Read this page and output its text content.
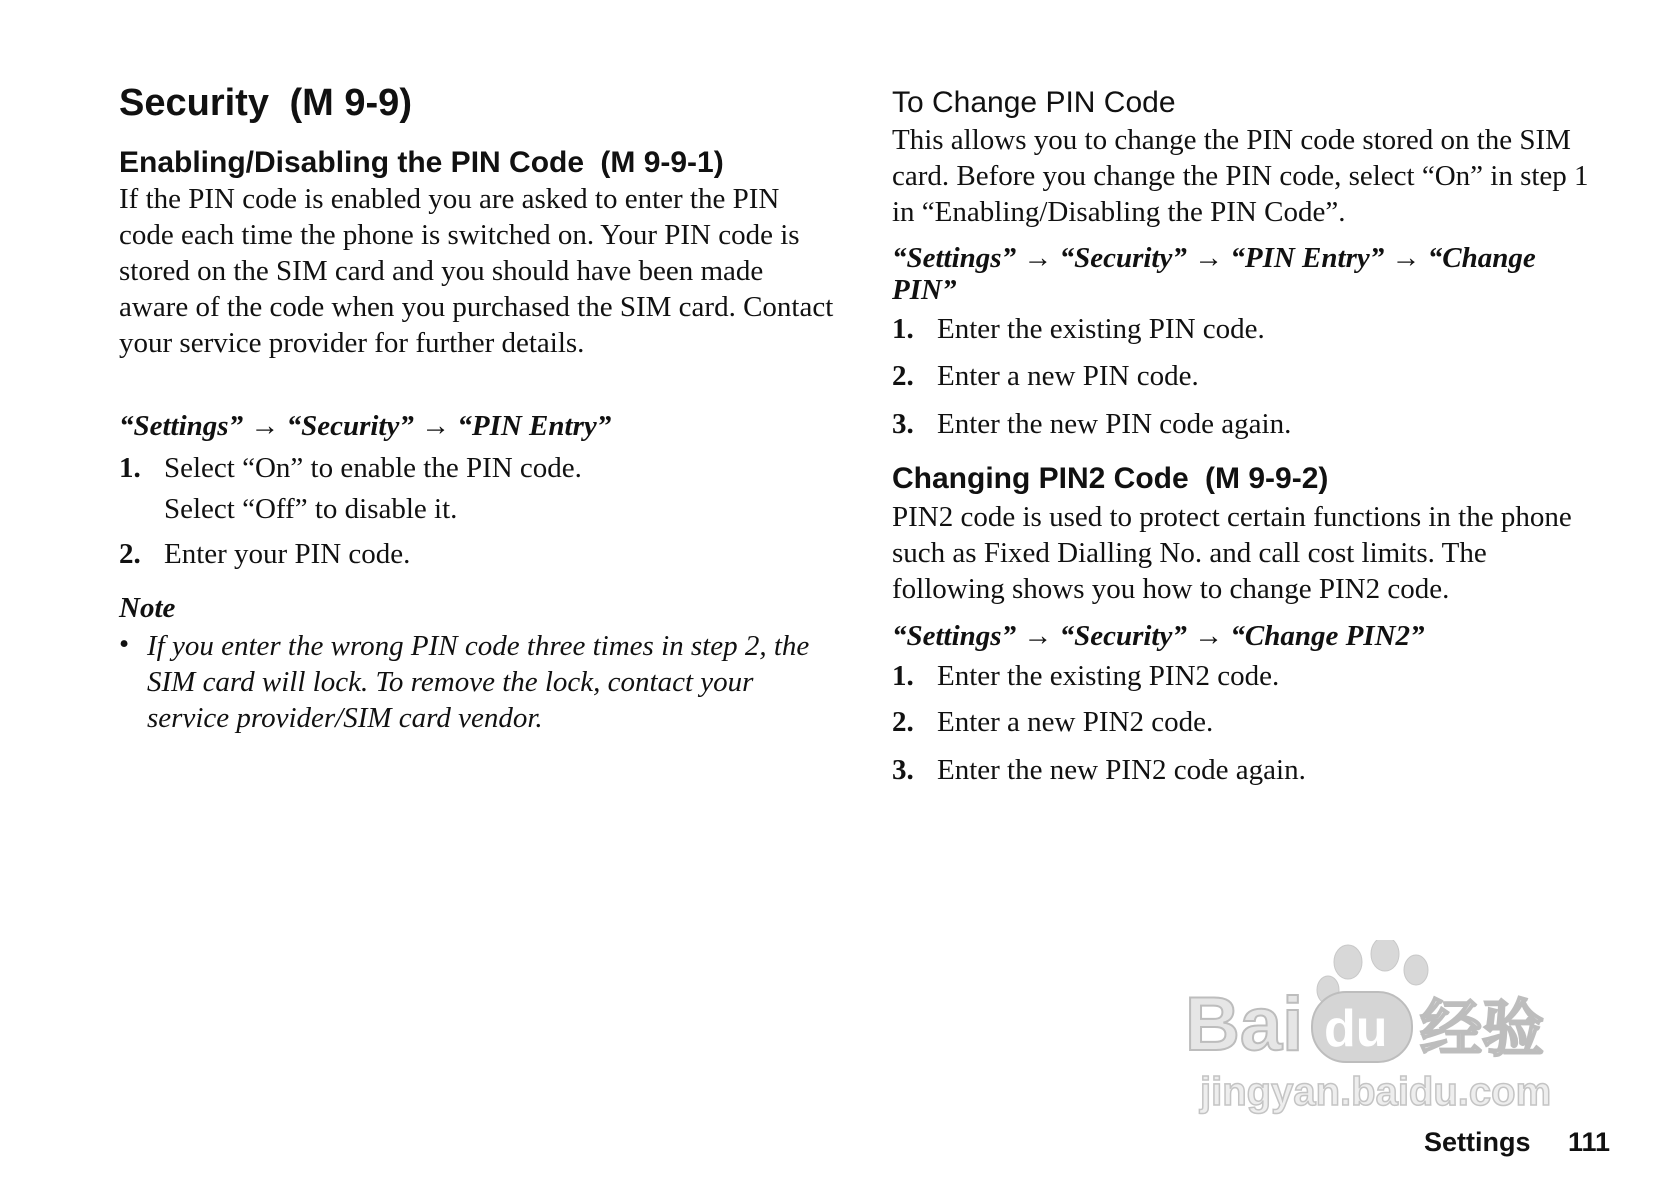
Security (M 9-9)
Enabling/Disabling the PIN Code (M 9-9-1)
If the PIN code is enabled you are asked to enter the PIN code each time the phone is switched on. Your PIN code is stored on the SIM card and you should have been made aware of the code when you purchased the SIM card. Contact your service provider for further details.
“Settings” → “Security” → “PIN Entry”
1. Select “On” to enable the PIN code.
Select “Off” to disable it.
2. Enter your PIN code.
Note
• If you enter the wrong PIN code three times in step 2, the SIM card will lock. To remove the lock, contact your service provider/SIM card vendor.
To Change PIN Code
This allows you to change the PIN code stored on the SIM card. Before you change the PIN code, select “On” in step 1 in “Enabling/Disabling the PIN Code”.
“Settings” → “Security” → “PIN Entry” → “Change
PIN”
1. Enter the existing PIN code.
2. Enter a new PIN code.
3. Enter the new PIN code again.
Changing PIN2 Code (M 9-9-2)
PIN2 code is used to protect certain functions in the phone such as Fixed Dialling No. and call cost limits. The following shows you how to change PIN2 code.
“Settings” → “Security” → “Change PIN2”
1. Enter the existing PIN2 code.
2. Enter a new PIN2 code.
3. Enter the new PIN2 code again.
Bai du 经验
jingyan.baidu.com
Settings 111
